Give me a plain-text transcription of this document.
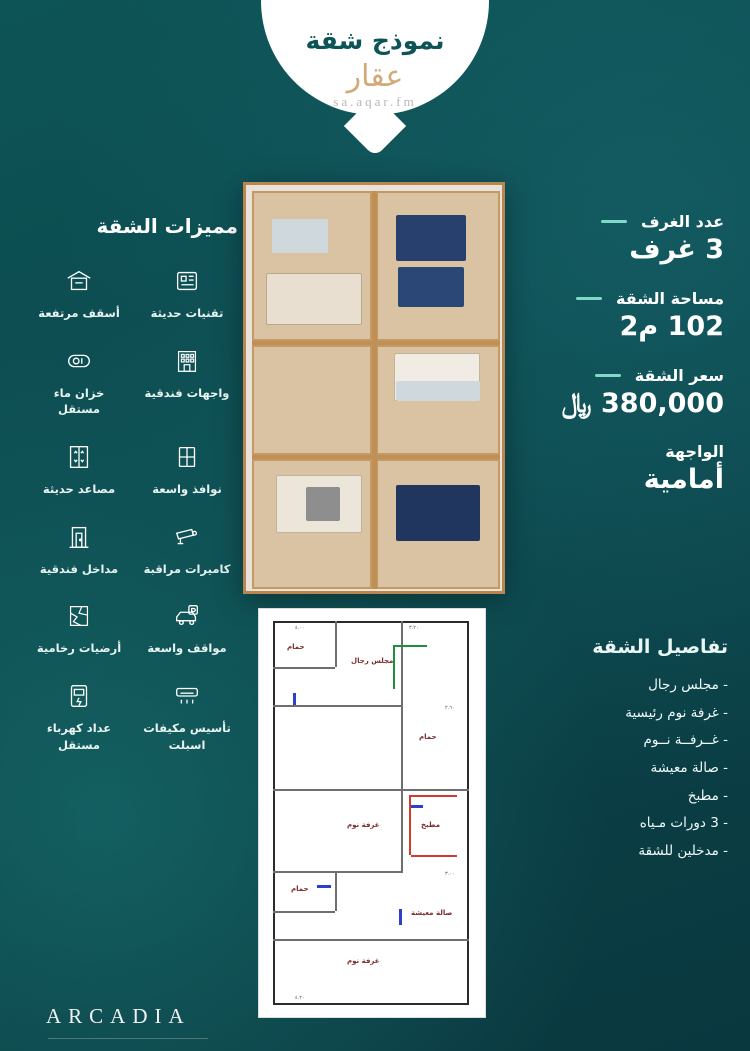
نموذج شقة
عقار
sa.aqar.fm
مميزات الشقة
تقنيات حديثة
أسقف مرتفعة
واجهات فندقية
خزان ماء مستقل
نوافذ واسعة
مصاعد حديثة
كاميرات مراقبة
مداخل فندقية
مواقف واسعة
أرضيات رخامية
تأسيس مكيفات اسبلت
عداد كهرباء مستقل
عدد الغرف
3 غرف
مساحة الشقة
102 م2
سعر الشقة
380,000 ﷼
الواجهة
أمامية
تفاصيل الشقة
- مجلس رجال
- غرفة نوم رئيسية
- غــرفــة نــوم
- صالة معيشة
- مطبخ
- 3 دورات مـياه
- مدخلين للشقة
مجلس رجال
حمام
حمام
غرفة نوم	مطبخ
حمام
صالة معيشة
غرفة نوم
٤.٠٠	٣.٢٠
٢.٦٠
٣.٠٠
٤.٢٠
ARCADIA
